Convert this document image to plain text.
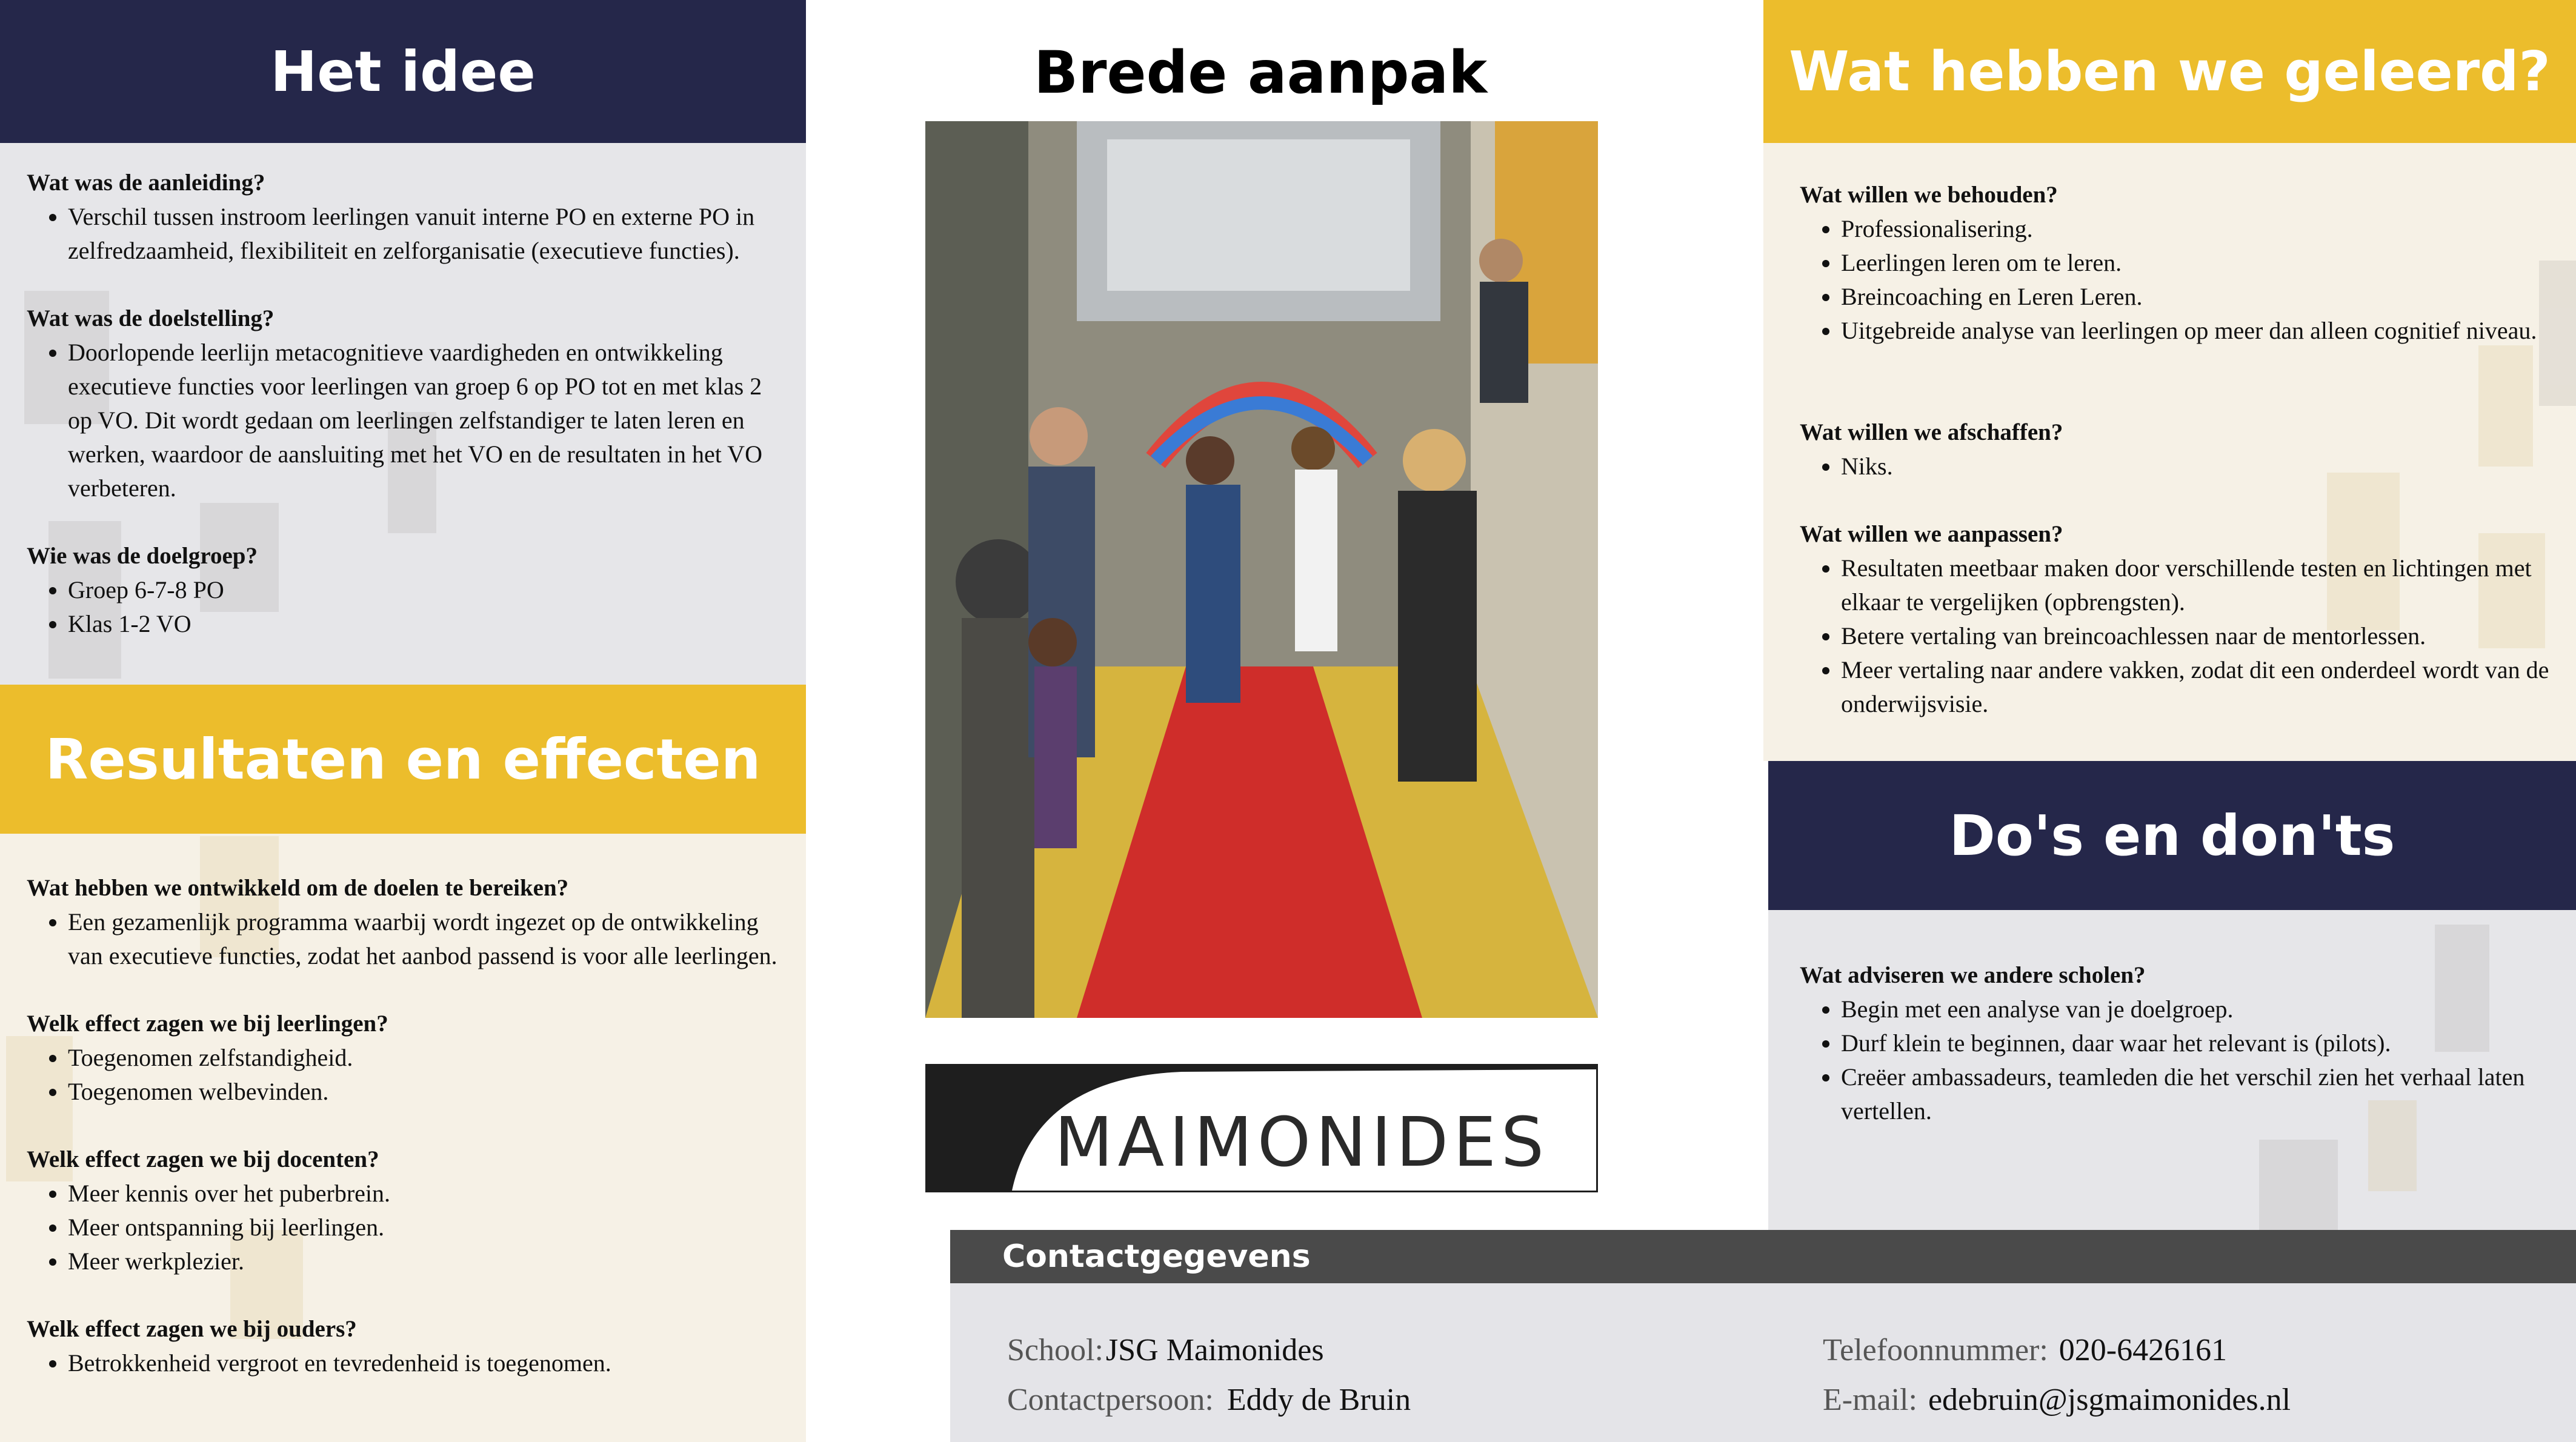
Het idee

Wat was de aanleiding?

• Verschil tussen instroom leerlingen vanuit interne PO en externe PO in zelfredzaamheid, flexibiliteit en zelforganisatie (executieve functies).

Wat was de doelstelling?

• Doorlopende leerlijn metacognitieve vaardigheden en ontwikkeling executieve functies voor leerlingen van groep 6 op PO tot en met klas 2 op VO. Dit wordt gedaan om leerlingen zelfstandiger te laten leren en werken, waardoor de aansluiting met het VO en de resultaten in het VO verbeteren.

Wie was de doelgroep?

• Groep 6-7-8 PO
• Klas 1-2 VO
Resultaten en effecten

Wat hebben we ontwikkeld om de doelen te bereiken?

• Een gezamenlijk programma waarbij wordt ingezet op de ontwikkeling van executieve functies, zodat het aanbod passend is voor alle leerlingen.

Welk effect zagen we bij leerlingen?

• Toegenomen zelfstandigheid.
• Toegenomen welbevinden.

Welk effect zagen we bij docenten?

• Meer kennis over het puberbrein.
• Meer ontspanning bij leerlingen.
• Meer werkplezier.

Welk effect zagen we bij ouders?

• Betrokkenheid vergroot en tevredenheid is toegenomen.
Brede aanpak
MAIMONIDES
Wat hebben we geleerd?

Wat willen we behouden?

• Professionalisering.
• Leerlingen leren om te leren.
• Breincoaching en Leren Leren.
• Uitgebreide analyse van leerlingen op meer dan alleen cognitief niveau.

Wat willen we afschaffen?

• Niks.

Wat willen we aanpassen?

• Resultaten meetbaar maken door verschillende testen en lichtingen met elkaar te vergelijken (opbrengsten).
• Betere vertaling van breincoachlessen naar de mentorlessen.
• Meer vertaling naar andere vakken, zodat dit een onderdeel wordt van de onderwijsvisie.
Do's en don'ts

Wat adviseren we andere scholen?

• Begin met een analyse van je doelgroep.
• Durf klein te beginnen, daar waar het relevant is (pilots).
• Creëer ambassadeurs, teamleden die het verschil zien het verhaal laten vertellen.
Contactgegevens
School: JSG Maimonides
Contactpersoon: Eddy de Bruin
Telefoonnummer: 020-6426161
E-mail: edebruin@jsgmaimonides.nl
